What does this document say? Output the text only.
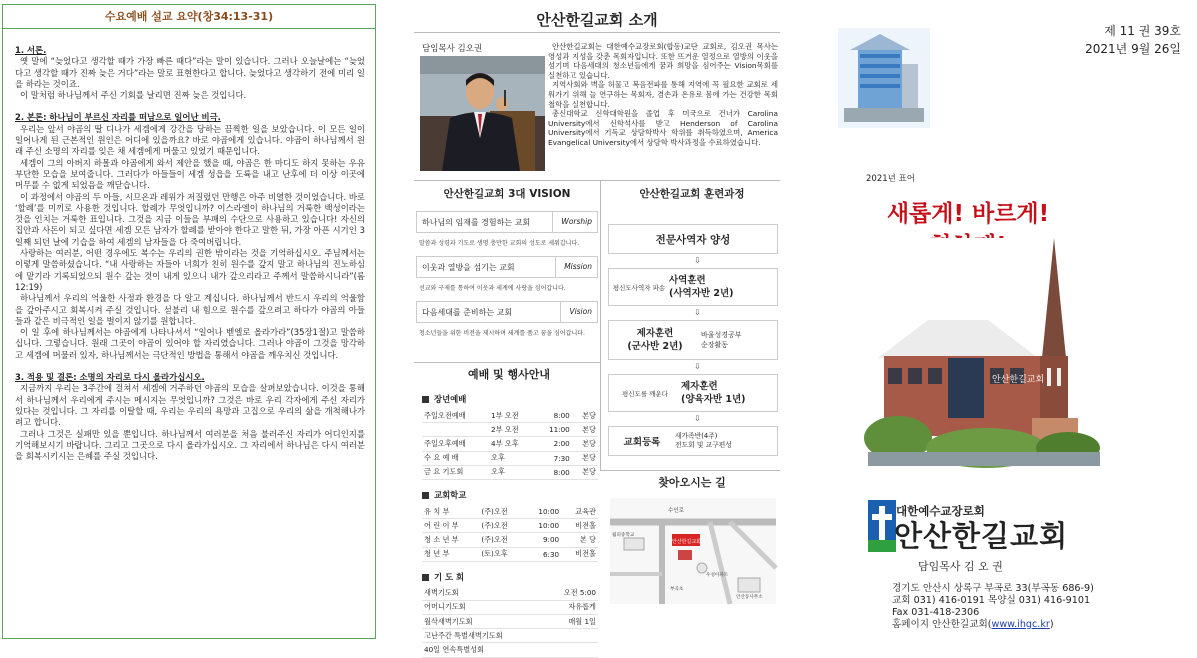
수요예배 설교 요약(창34:13-31)
1. 서론.

옛 말에 “늦었다고 생각할 때가 가장 빠른 때다”라는 말이 있습니다. 그러나 오늘날에는 “늦었다고 생각할 때가 진짜 늦은 거다”라는 말로 표현한다고 합니다. 늦었다고 생각하기 전에 미리 일을 하라는 것이죠.

이 말처럼 하나님께서 주신 기회를 날리면 진짜 늦은 것입니다.

2. 본론: 하나님이 부르신 자리를 떠남으로 일어난 비극.

우리는 앞서 야곱의 딸 디나가 세겜에게 강간을 당하는 끔찍한 일을 보았습니다. 이 모든 일이 일어나게 된 근본적인 원인은 어디에 있을까요? 바로 야곱에게 있습니다. 야곱이 하나님께서 원래 주신 소명의 자리를 잊은 채 세겜에게 머물고 있었기 때문입니다.

세겜이 그의 아버지 하몰과 야곱에게 와서 제안을 했을 때, 야곱은 한 마디도 하지 못하는 우유부단한 모습을 보여줍니다. 그러다가 아들들이 세겜 성읍을 도륙을 내고 난후에 더 이상 이곳에 머무를 수 없게 되었음을 깨닫습니다.

이 과정에서 야곱의 두 아들, 시므온과 레위가 저질렀던 만행은 아주 비열한 것이었습니다. 바로 ‘할례’를 미끼로 사용한 것입니다. 할례가 무엇입니까? 이스라엘이 하나님의 거룩한 백성이라는 것을 인치는 거룩한 표입니다. 그것을 지금 이들을 부패의 수단으로 사용하고 있습니다! 자신의 집안과 사돈이 되고 싶다면 세겜 모든 남자가 할례를 받아야 한다고 말한 뒤, 가장 아픈 시기인 3일째 되던 날에 기습을 하여 세겜의 남자들을 다 죽여버립니다.

사랑하는 여러분, 어떤 경우에도 복수는 우리의 권한 밖이라는 것을 기억하십시오. 주님께서는 이렇게 말씀하셨습니다. “내 사랑하는 자들아 너희가 친히 원수를 갚지 말고 하나님의 진노하심에 맡기라 기록되었으되 원수 갚는 것이 내게 있으니 내가 갚으리라고 주께서 말씀하시니라”(롬12:19)

하나님께서 우리의 억울한 사정과 환경을 다 알고 계십니다. 하나님께서 반드시 우리의 억울함을 갚아주시고 회복시켜 주실 것입니다. 섣불리 내 힘으로 원수를 갚으려고 하다가 야곱의 아들들과 같은 비극적인 일을 벌이지 않기를 원합니다.

이 일 후에 하나님께서는 야곱에게 나타나셔서 “일어나 벧엘로 올라가라”(35장1절)고 말씀하십니다. 그렇습니다. 원래 그곳이 야곱이 있어야 할 자리였습니다. 그러나 야곱이 그것을 망각하고 세겜에 머물러 있자, 하나님께서는 극단적인 방법을 통해서 야곱을 깨우치신 것입니다.

3. 적용 및 결론: 소명의 자리로 다시 올라가십시오.

지금까지 우리는 3주간에 걸쳐서 세겜에 거주하던 야곱의 모습을 살펴보았습니다. 이것을 통해서 하나님께서 우리에게 주시는 메시지는 무엇입니까? 그것은 바로 우리 각자에게 주신 자리가 있다는 것입니다. 그 자리를 이탈할 때, 우리는 우리의 욕망과 고집으로 우리의 삶을 개척해나가려고 합니다.

그러나 그것은 실패만 있을 뿐입니다. 하나님께서 여러분을 처음 불러주신 자리가 어디인지를 기억해보시기 바랍니다. 그리고 그곳으로 다시 올라가십시오. 그 자리에서 하나님은 다시 여러분을 회복시키시는 은혜를 주실 것입니다.

안산한길교회 소개
담임목사 김오권	안산한길교회는 대한예수교장로회(합동)교단 교회로, 김오권 목사는 영성과 지성을 갖춘 목회자입니다. 또한 뜨거운 열정으로 열방의 이웃을 섬기며 다음세대의 청소년들에게 꿈과 희망을 심어주는 Vision목회를 실천하고 있습니다.

지역사회와 벽을 허물고 복음전파를 통해 지역에 꼭 필요한 교회로 세워가기 위해 늘 연구하는 목회자, 겸손과 온유로 몸에 가는 건강한 목회철학을 실천합니다.

총신대학교 신학대학원을 졸업 후 미국으로 건너가 Carolina University에서 신학석사를 받고 Henderson of Carolina University에서 기독교 상담학박사 학위를 취득하였으며, America Evangelical University에서 상담학 박사과정을 수료하였습니다.

안산한길교회 3대 VISION
하나님의 임재를 경험하는 교회	Worship
말씀과 성령과 기도로 생명 충만한 교회의 성도로 세워갑니다.
이웃과 열방을 섬기는 교회	Mission
선교와 구제를 통하여 이웃과 세계에 사랑을 심어갑니다.
다음세대를 준비하는 교회	Vision
청소년들을 위한 비전을 제시하며 세계를 품고 꿈을 심어갑니다.
안산한길교회 훈련과정
전문사역자 양성
⇩
평신도사역자 파송
사역훈련
(사역자반 2년)
⇩
제자훈련
(군사반 2년)
바울성경공부
순장활동
⇩
평신도를 깨운다
제자훈련
(양육자반 1년)
⇩
교회등록
새가족반(4주)
전도회 및 교구편성
예배 및 행사안내
장년예배
주일오전예배	1부 오전	8:00	본당
	2부 오전	11:00	본당
주일오후예배	4부 오후	2:00	본당
수 요 예 배	오후	7:30	본당
금 요 기도회	오후	8:00	본당
교회학교
유 치 부	(주)오전	10:00	교육관
어 린 이 부	(주)오전	10:00	비전홀
청 소 년 부	(주)오전	9:00	본 당
청 년 부	(토)오후	6:30	비전홀
기 도 회
새벽기도회	오전 5:00
어머니기도회	자유롭게
월삭새벽기도회	매월 1일
고난주간 특별새벽기도회	
40일 연속특별성회	
찾아오시는 길
수인로
안산한길교회
월피중학교
부곡초
우성아파트
안산동사무소
제 11 권 39호
2021년 9월 26일
2021년 표어
새롭게! 바르게!
안산한길교회
대한예수교장로회
안산한길교회
담임목사 김 오 권
경기도 안산시 상록구 부곡로 33(부곡동 686-9)
교회 031) 416-0191 목양실 031) 416-9101
Fax 031-418-2306
홈페이지 안산한길교회(www.ihgc.kr)
